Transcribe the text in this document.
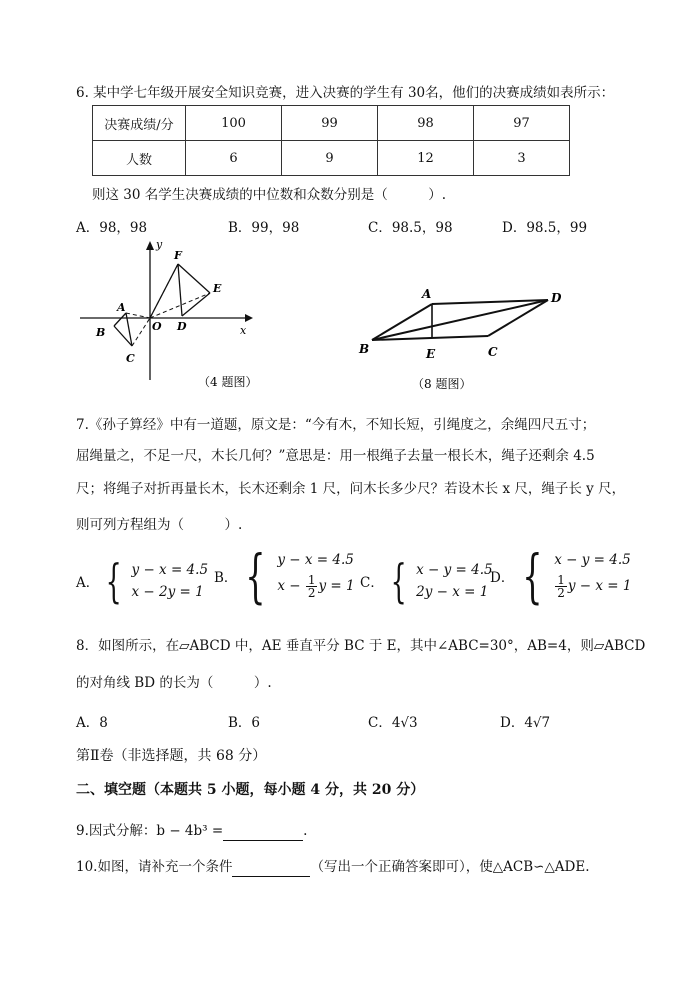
6. 某中学七年级开展安全知识竞赛，进入决赛的学生有 30名，他们的决赛成绩如表所示：
决赛成绩/分	100	99	98	97
人数	6	9	12	3
则这 30 名学生决赛成绩的中位数和众数分别是（　　　）.
A．98，98	B．99，98	C．98.5，98	D．98.5，99
y
x
F
E
A
B	O D
C
（4 题图）
A	D
B	E	C
（8 题图）
7.《孙子算经》中有一道题，原文是：“今有木，不知长短，引绳度之，余绳四尺五寸；
屈绳量之，不足一尺，木长几何？”意思是：用一根绳子去量一根长木，绳子还剩余 4.5
尺；将绳子对折再量长木，长木还剩余 1 尺，问木长多少尺？若设木长 x 尺，绳子长 y 尺，
则可列方程组为（　　　）.
A． { y − x = 4.5
x − 2y = 1
B． { y − x = 4.5
$x - \frac{1}{2}$ y = 1 C． { x − y = 4.5
2y − x = 1
D． { x − y = 4.5
$\frac{1}{2}$ y − x = 1
8．如图所示，在▱ABCD 中，AE 垂直平分 BC 于 E，其中∠ABC=30°，AB=4，则▱ABCD
的对角线 BD 的长为（　　　）.
A．8	B．6	C．4√3	D．4√7
第Ⅱ卷（非选择题，共 68 分）
二、填空题（本题共 5 小题，每小题 4 分，共 20 分）
9.因式分解：b − 4b³ =	.
10.如图，请补充一个条件	（写出一个正确答案即可），使△ACB∽△ADE.
